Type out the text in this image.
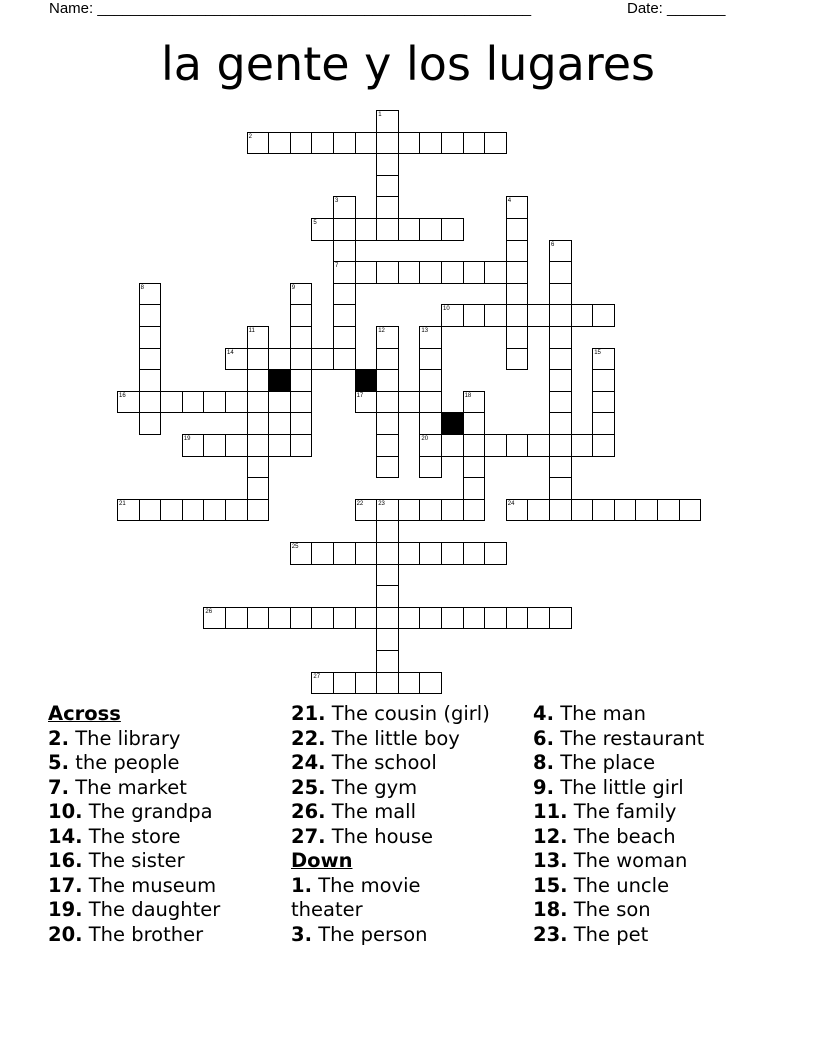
Name: ____________________________________________________	Date: _______
la gente y los lugares
1
2
3	4
5
6
7
8	9
10
11	12	13
14	15
16	17	18
19	20
21	22 23	24
25
26
27
Across
2. The library
5. the people
7. The market
10. The grandpa
14. The store
16. The sister
17. The museum
19. The daughter
20. The brother
21. The cousin (girl)
22. The little boy
24. The school
25. The gym
26. The mall
27. The house
Down
1. The movie theater
3. The person
4. The man
6. The restaurant
8. The place
9. The little girl
11. The family
12. The beach
13. The woman
15. The uncle
18. The son
23. The pet
